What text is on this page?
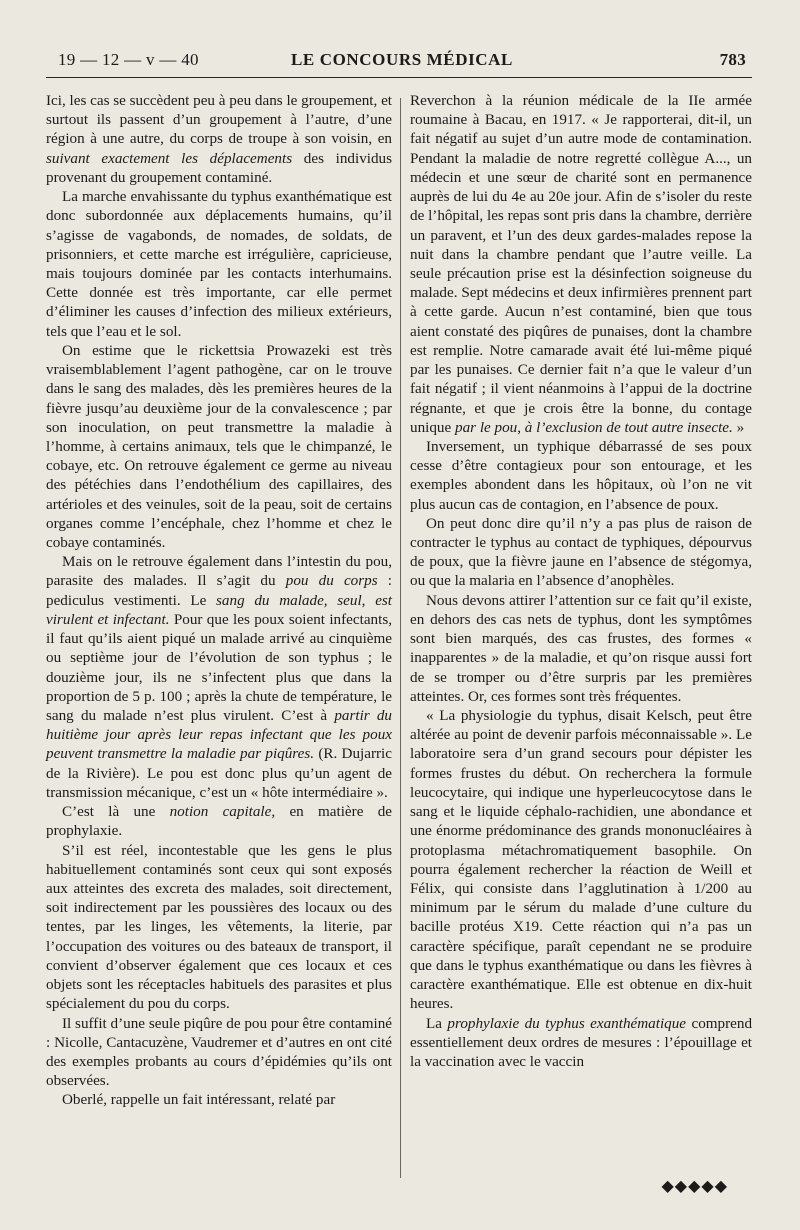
19 — 12 — v — 40	LE CONCOURS MÉDICAL	783

Ici, les cas se succèdent peu à peu dans le groupement, et surtout ils passent d’un groupement à l’autre, d’une région à une autre, du corps de troupe à son voisin, en suivant exactement les déplacements des individus provenant du groupement contaminé.

La marche envahissante du typhus exanthématique est donc subordonnée aux déplacements humains, qu’il s’agisse de vagabonds, de nomades, de soldats, de prisonniers, et cette marche est irrégulière, capricieuse, mais toujours dominée par les contacts interhumains. Cette donnée est très importante, car elle permet d’éliminer les causes d’infection des milieux extérieurs, tels que l’eau et le sol.

On estime que le rickettsia Prowazeki est très vraisemblablement l’agent pathogène, car on le trouve dans le sang des malades, dès les premières heures de la fièvre jusqu’au deuxième jour de la convalescence ; par son inoculation, on peut transmettre la maladie à l’homme, à certains animaux, tels que le chimpanzé, le cobaye, etc. On retrouve également ce germe au niveau des pétéchies dans l’endothélium des capillaires, des artérioles et des veinules, soit de la peau, soit de certains organes comme l’encéphale, chez l’homme et chez le cobaye contaminés.

Mais on le retrouve également dans l’intestin du pou, parasite des malades. Il s’agit du pou du corps : pediculus vestimenti. Le sang du malade, seul, est virulent et infectant. Pour que les poux soient infectants, il faut qu’ils aient piqué un malade arrivé au cinquième ou septième jour de l’évolution de son typhus ; le douzième jour, ils ne s’infectent plus que dans la proportion de 5 p. 100 ; après la chute de température, le sang du malade n’est plus virulent. C’est à partir du huitième jour après leur repas infectant que les poux peuvent transmettre la maladie par piqûres. (R. Dujarric de la Rivière). Le pou est donc plus qu’un agent de transmission mécanique, c’est un « hôte intermédiaire ».

C’est là une notion capitale, en matière de prophylaxie.

S’il est réel, incontestable que les gens le plus habituellement contaminés sont ceux qui sont exposés aux atteintes des excreta des malades, soit directement, soit indirectement par les poussières des locaux ou des tentes, par les linges, les vêtements, la literie, par l’occupation des voitures ou des bateaux de transport, il convient d’observer également que ces locaux et ces objets sont les réceptacles habituels des parasites et plus spécialement du pou du corps.

Il suffit d’une seule piqûre de pou pour être contaminé : Nicolle, Cantacuzène, Vaudremer et d’autres en ont cité des exemples probants au cours d’épidémies qu’ils ont observées.

Oberlé, rappelle un fait intéressant, relaté par

Reverchon à la réunion médicale de la IIe armée roumaine à Bacau, en 1917. « Je rapporterai, dit-il, un fait négatif au sujet d’un autre mode de contamination. Pendant la maladie de notre regretté collègue A..., un médecin et une sœur de charité sont en permanence auprès de lui du 4e au 20e jour. Afin de s’isoler du reste de l’hôpital, les repas sont pris dans la chambre, derrière un paravent, et l’un des deux gardes-malades repose la nuit dans la chambre pendant que l’autre veille. La seule précaution prise est la désinfection soigneuse du malade. Sept médecins et deux infirmières prennent part à cette garde. Aucun n’est contaminé, bien que tous aient constaté des piqûres de punaises, dont la chambre est remplie. Notre camarade avait été lui-même piqué par les punaises. Ce dernier fait n’a que le valeur d’un fait négatif ; il vient néanmoins à l’appui de la doctrine régnante, et que je crois être la bonne, du contage unique par le pou, à l’exclusion de tout autre insecte. »

Inversement, un typhique débarrassé de ses poux cesse d’être contagieux pour son entourage, et les exemples abondent dans les hôpitaux, où l’on ne vit plus aucun cas de contagion, en l’absence de poux.

On peut donc dire qu’il n’y a pas plus de raison de contracter le typhus au contact de typhiques, dépourvus de poux, que la fièvre jaune en l’absence de stégomya, ou que la malaria en l’absence d’anophèles.

Nous devons attirer l’attention sur ce fait qu’il existe, en dehors des cas nets de typhus, dont les symptômes sont bien marqués, des cas frustes, des formes « inapparentes » de la maladie, et qu’on risque aussi fort de se tromper ou d’être surpris par les premières atteintes. Or, ces formes sont très fréquentes.

« La physiologie du typhus, disait Kelsch, peut être altérée au point de devenir parfois méconnaissable ». Le laboratoire sera d’un grand secours pour dépister les formes frustes du début. On recherchera la formule leucocytaire, qui indique une hyperleucocytose dans le sang et le liquide céphalo-rachidien, une abondance et une énorme prédominance des grands mononucléaires à protoplasma métachromatiquement basophile. On pourra également rechercher la réaction de Weill et Félix, qui consiste dans l’agglutination à 1/200 au minimum par le sérum du malade d’une culture du bacille protéus X19. Cette réaction qui n’a pas un caractère spécifique, paraît cependant ne se produire que dans le typhus exanthématique ou dans les fièvres à caractère exanthématique. Elle est obtenue en dix-huit heures.

La prophylaxie du typhus exanthématique comprend essentiellement deux ordres de mesures : l’épouillage et la vaccination avec le vaccin

◆◆◆◆◆
